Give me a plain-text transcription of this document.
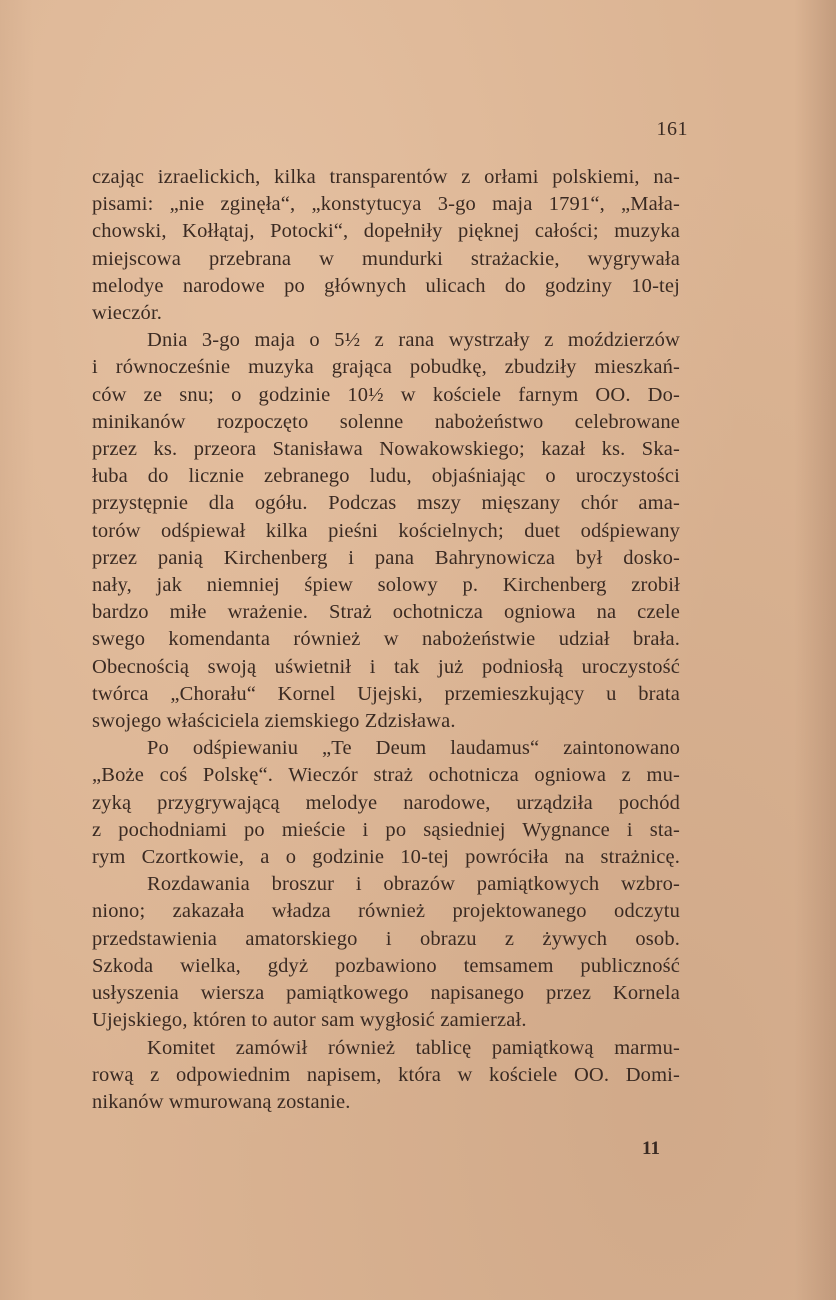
161
czając izraelickich, kilka transparentów z orłami polskiemi, na-
pisami: „nie zginęła“, „konstytucya 3-go maja 1791“, „Mała-
chowski, Kołłątaj, Potocki“, dopełniły pięknej całości; muzyka
miejscowa przebrana w mundurki strażackie, wygrywała
melodye narodowe po głównych ulicach do godziny 10-tej
wieczór.
Dnia 3-go maja o 5½ z rana wystrzały z moździerzów
i równocześnie muzyka grająca pobudkę, zbudziły mieszkań-
ców ze snu; o godzinie 10½ w kościele farnym OO. Do-
minikanów rozpoczęto solenne nabożeństwo celebrowane
przez ks. przeora Stanisława Nowakowskiego; kazał ks. Ska-
łuba do licznie zebranego ludu, objaśniając o uroczystości
przystępnie dla ogółu. Podczas mszy mięszany chór ama-
torów odśpiewał kilka pieśni kościelnych; duet odśpiewany
przez panią Kirchenberg i pana Bahrynowicza był dosko-
nały, jak niemniej śpiew solowy p. Kirchenberg zrobił
bardzo miłe wrażenie. Straż ochotnicza ogniowa na czele
swego komendanta również w nabożeństwie udział brała.
Obecnością swoją uświetnił i tak już podniosłą uroczystość
twórca „Chorału“ Kornel Ujejski, przemieszkujący u brata
swojego właściciela ziemskiego Zdzisława.
Po odśpiewaniu „Te Deum laudamus“ zaintonowano
„Boże coś Polskę“. Wieczór straż ochotnicza ogniowa z mu-
zyką przygrywającą melodye narodowe, urządziła pochód
z pochodniami po mieście i po sąsiedniej Wygnance i sta-
rym Czortkowie, a o godzinie 10-tej powróciła na strażnicę.
Rozdawania broszur i obrazów pamiątkowych wzbro-
niono; zakazała władza również projektowanego odczytu
przedstawienia amatorskiego i obrazu z żywych osob.
Szkoda wielka, gdyż pozbawiono temsamem publiczność
usłyszenia wiersza pamiątkowego napisanego przez Kornela
Ujejskiego, któren to autor sam wygłosić zamierzał.
Komitet zamówił również tablicę pamiątkową marmu-
rową z odpowiednim napisem, która w kościele OO. Domi-
nikanów wmurowaną zostanie.
11
